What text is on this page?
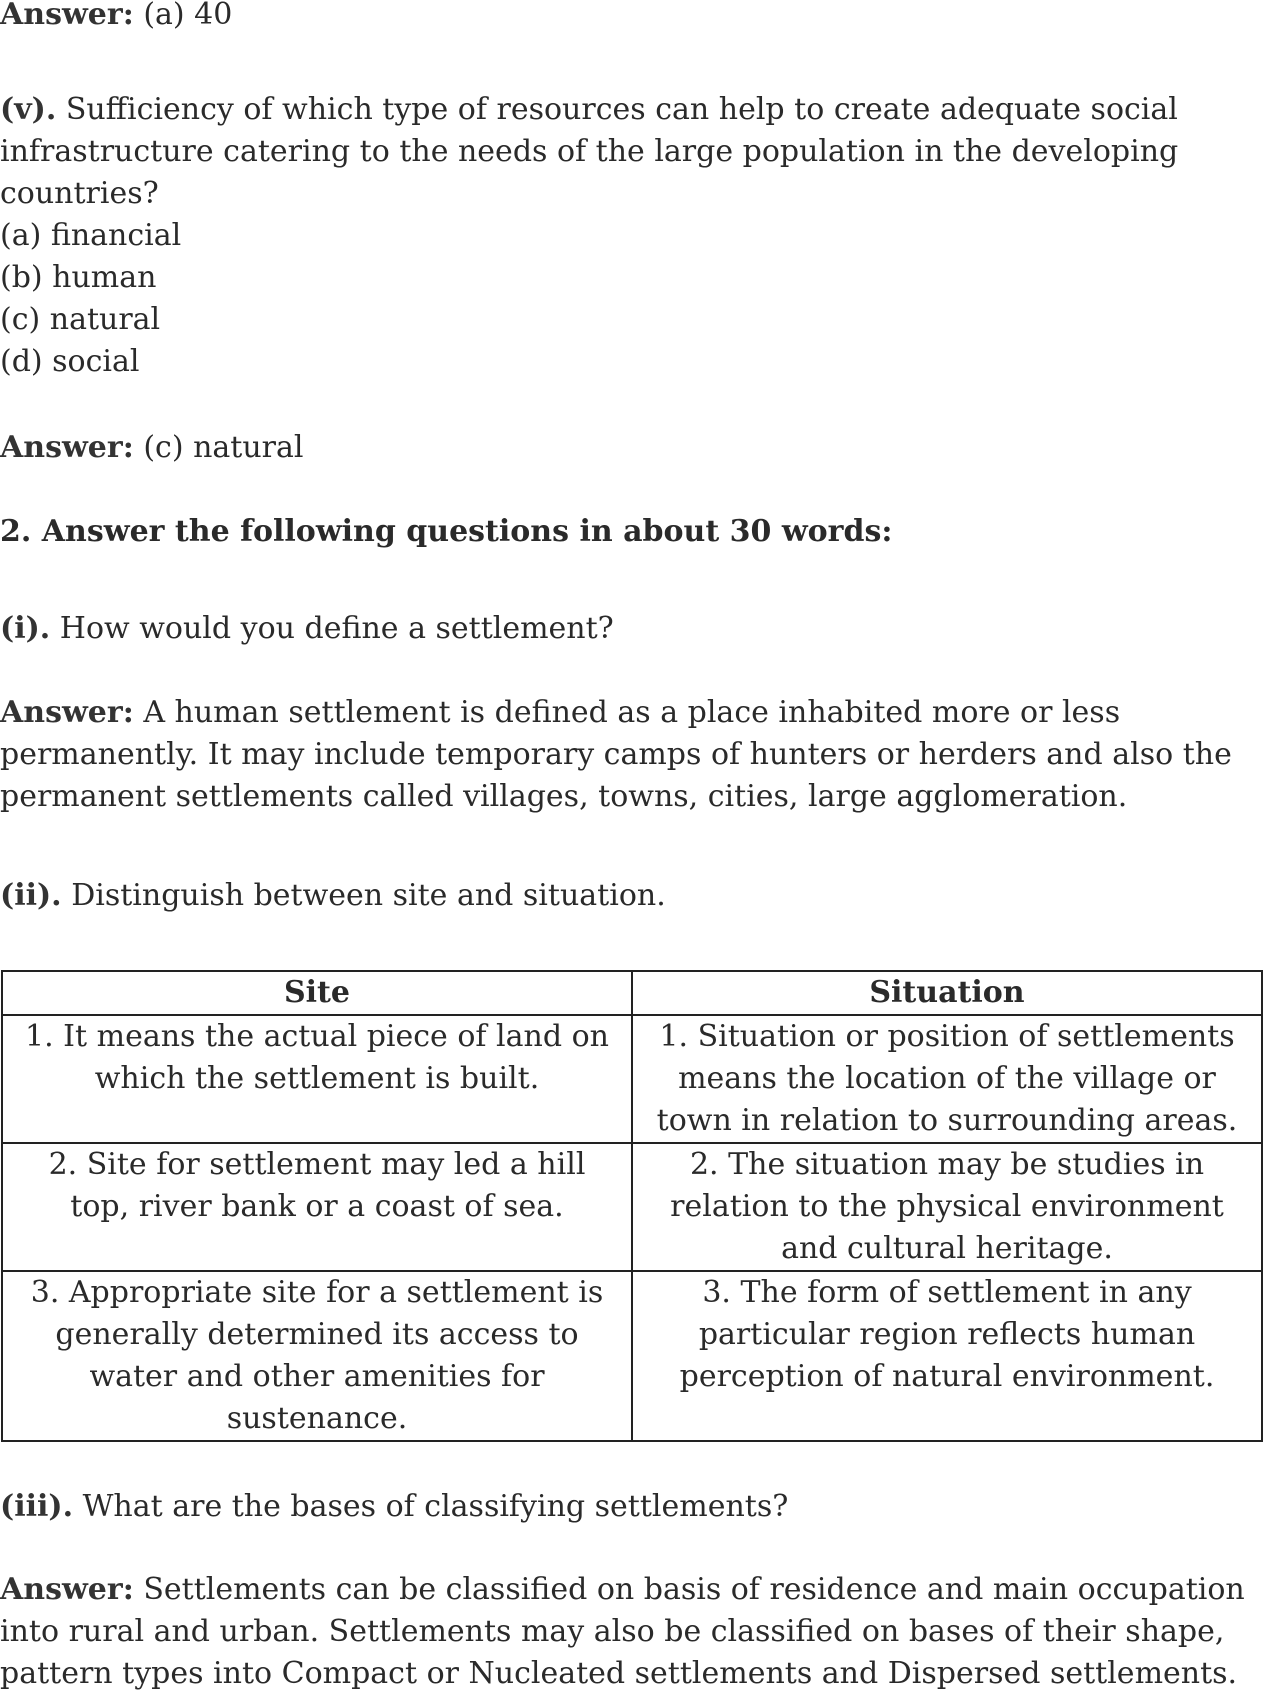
Answer: (a) 40

(v). Sufficiency of which type of resources can help to create adequate social infrastructure catering to the needs of the large population in the developing countries?
(a) financial
(b) human
(c) natural
(d) social

Answer: (c) natural

2. Answer the following questions in about 30 words:

(i). How would you define a settlement?

Answer: A human settlement is defined as a place inhabited more or less permanently. It may include temporary camps of hunters or herders and also the permanent settlements called villages, towns, cities, large agglomeration.

(ii). Distinguish between site and situation.

Site	Situation
1. It means the actual piece of land on which the settlement is built.	1. Situation or position of settlements means the location of the village or town in relation to surrounding areas.
2. Site for settlement may led a hill top, river bank or a coast of sea.	2. The situation may be studies in relation to the physical environment and cultural heritage.
3. Appropriate site for a settlement is generally determined its access to water and other amenities for sustenance.	3. The form of settlement in any particular region reflects human perception of natural environment.

(iii). What are the bases of classifying settlements?

Answer: Settlements can be classified on basis of residence and main occupation into rural and urban. Settlements may also be classified on bases of their shape, pattern types into Compact or Nucleated settlements and Dispersed settlements.
